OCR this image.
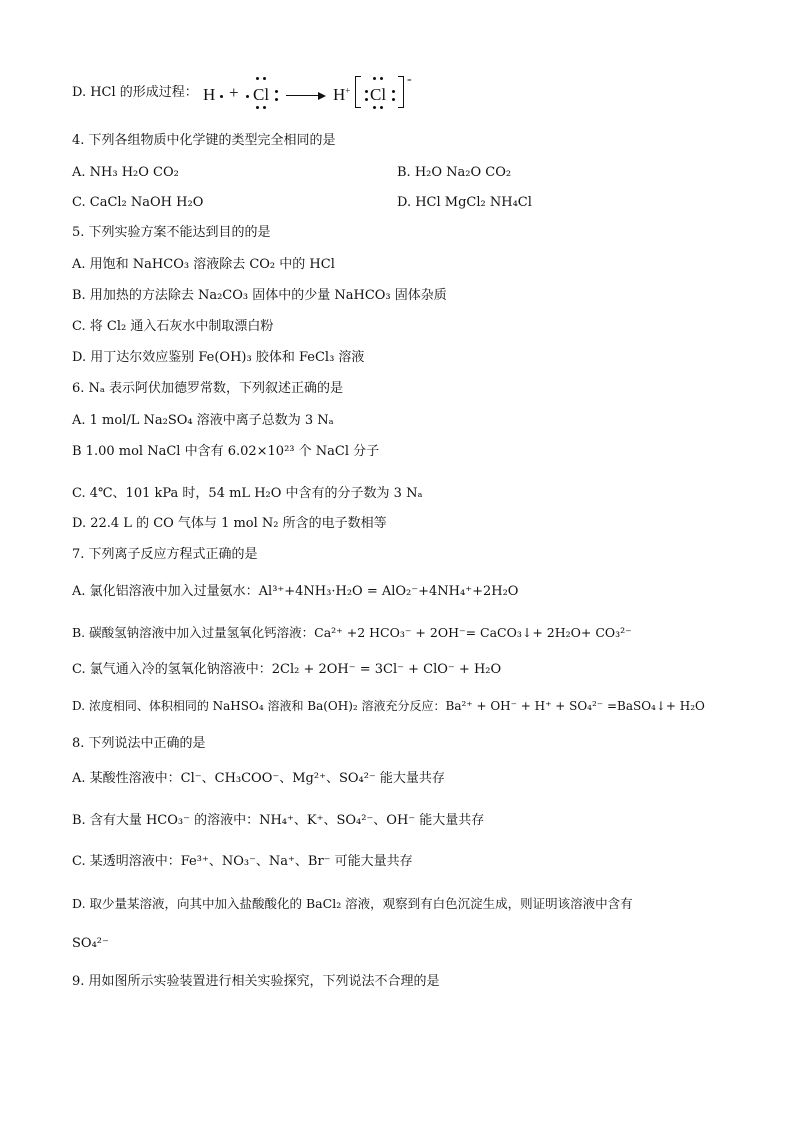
D. HCl 的形成过程： H + Cl	H+ Cl
-
4. 下列各组物质中化学键的类型完全相同的是
A. NH₃ H₂O CO₂	B. H₂O Na₂O CO₂
C. CaCl₂ NaOH H₂O	D. HCl MgCl₂ NH₄Cl
5. 下列实验方案不能达到目的的是
A. 用饱和 NaHCO₃ 溶液除去 CO₂ 中的 HCl
B. 用加热的方法除去 Na₂CO₃ 固体中的少量 NaHCO₃ 固体杂质
C. 将 Cl₂ 通入石灰水中制取漂白粉
D. 用丁达尔效应鉴别 Fe(OH)₃ 胶体和 FeCl₃ 溶液
6. Nₐ 表示阿伏加德罗常数，下列叙述正确的是
A. 1 mol/L Na₂SO₄ 溶液中离子总数为 3 Nₐ
B 1.00 mol NaCl 中含有 6.02×10²³ 个 NaCl 分子
C. 4℃、101 kPa 时，54 mL H₂O 中含有的分子数为 3 Nₐ
D. 22.4 L 的 CO 气体与 1 mol N₂ 所含的电子数相等
7. 下列离子反应方程式正确的是
A. 氯化铝溶液中加入过量氨水：Al³⁺+4NH₃·H₂O = AlO₂⁻+4NH₄⁺+2H₂O
B. 碳酸氢钠溶液中加入过量氢氧化钙溶液：Ca²⁺ +2 HCO₃⁻ + 2OH⁻= CaCO₃↓+ 2H₂O+ CO₃²⁻
C. 氯气通入冷的氢氧化钠溶液中：2Cl₂ + 2OH⁻ = 3Cl⁻ + ClO⁻ + H₂O
D. 浓度相同、体积相同的 NaHSO₄ 溶液和 Ba(OH)₂ 溶液充分反应：Ba²⁺ + OH⁻ + H⁺ + SO₄²⁻ =BaSO₄↓+ H₂O
8. 下列说法中正确的是
A. 某酸性溶液中：Cl⁻、CH₃COO⁻、Mg²⁺、SO₄²⁻ 能大量共存
B. 含有大量 HCO₃⁻ 的溶液中：NH₄⁺、K⁺、SO₄²⁻、OH⁻ 能大量共存
C. 某透明溶液中：Fe³⁺、NO₃⁻、Na⁺、Br⁻ 可能大量共存
D. 取少量某溶液，向其中加入盐酸酸化的 BaCl₂ 溶液，观察到有白色沉淀生成，则证明该溶液中含有
SO₄²⁻
9. 用如图所示实验装置进行相关实验探究，下列说法不合理的是
